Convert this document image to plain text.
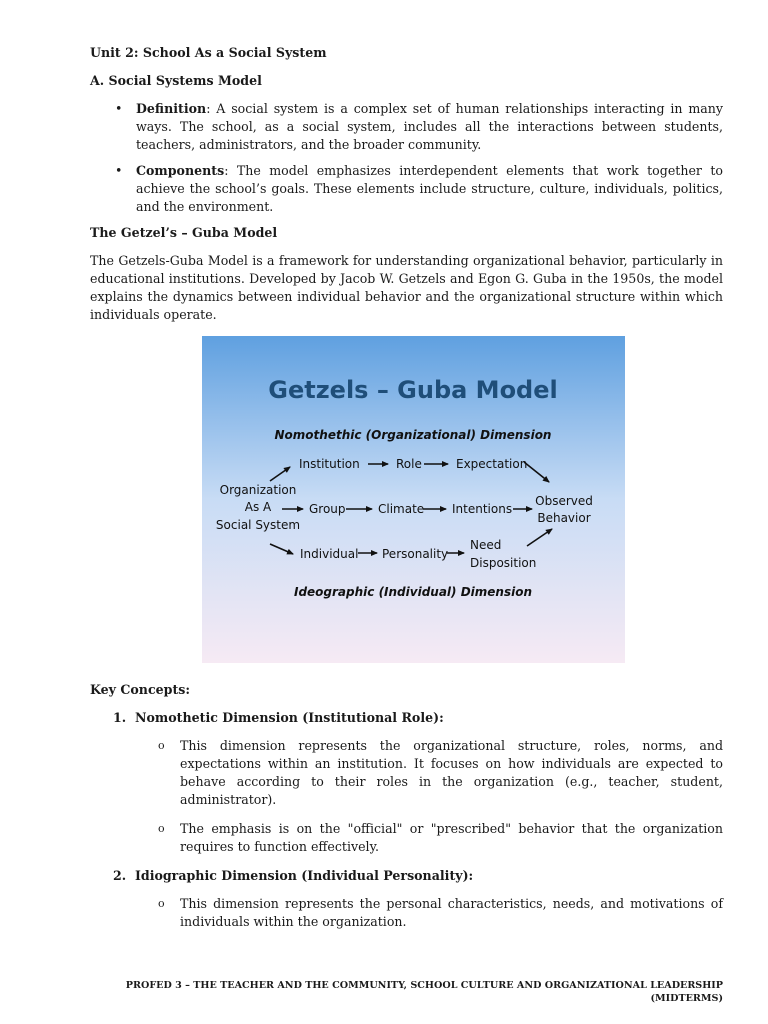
Unit 2: School As a Social System
A. Social Systems Model
• Definition: A social system is a complex set of human relationships interacting in many ways. The school, as a social system, includes all the interactions between students, teachers, administrators, and the broader community.
• Components: The model emphasizes interdependent elements that work together to achieve the school’s goals. These elements include structure, culture, individuals, politics, and the environment.
The Getzel’s – Guba Model

The Getzels-Guba Model is a framework for understanding organizational behavior, particularly in educational institutions. Developed by Jacob W. Getzels and Egon G. Guba in the 1950s, the model explains the dynamics between individual behavior and the organizational structure within which individuals operate.

Getzels – Guba Model
Nomothethic (Organizational) Dimension
Organization
As A
Social System
Institution	Role	Expectation
Group	Climate Intentions
Individual Personality
Need
Disposition
Observed
Behavior
Ideographic (Individual) Dimension
Key Concepts:
1. Nomothetic Dimension (Institutional Role):
o This dimension represents the organizational structure, roles, norms, and expectations within an institution. It focuses on how individuals are expected to behave according to their roles in the organization (e.g., teacher, student, administrator).
o The emphasis is on the "official" or "prescribed" behavior that the organization requires to function effectively.
2. Idiographic Dimension (Individual Personality):
o This dimension represents the personal characteristics, needs, and motivations of individuals within the organization.
PROFED 3 – THE TEACHER AND THE COMMUNITY, SCHOOL CULTURE AND ORGANIZATIONAL LEADERSHIP
(MIDTERMS)
